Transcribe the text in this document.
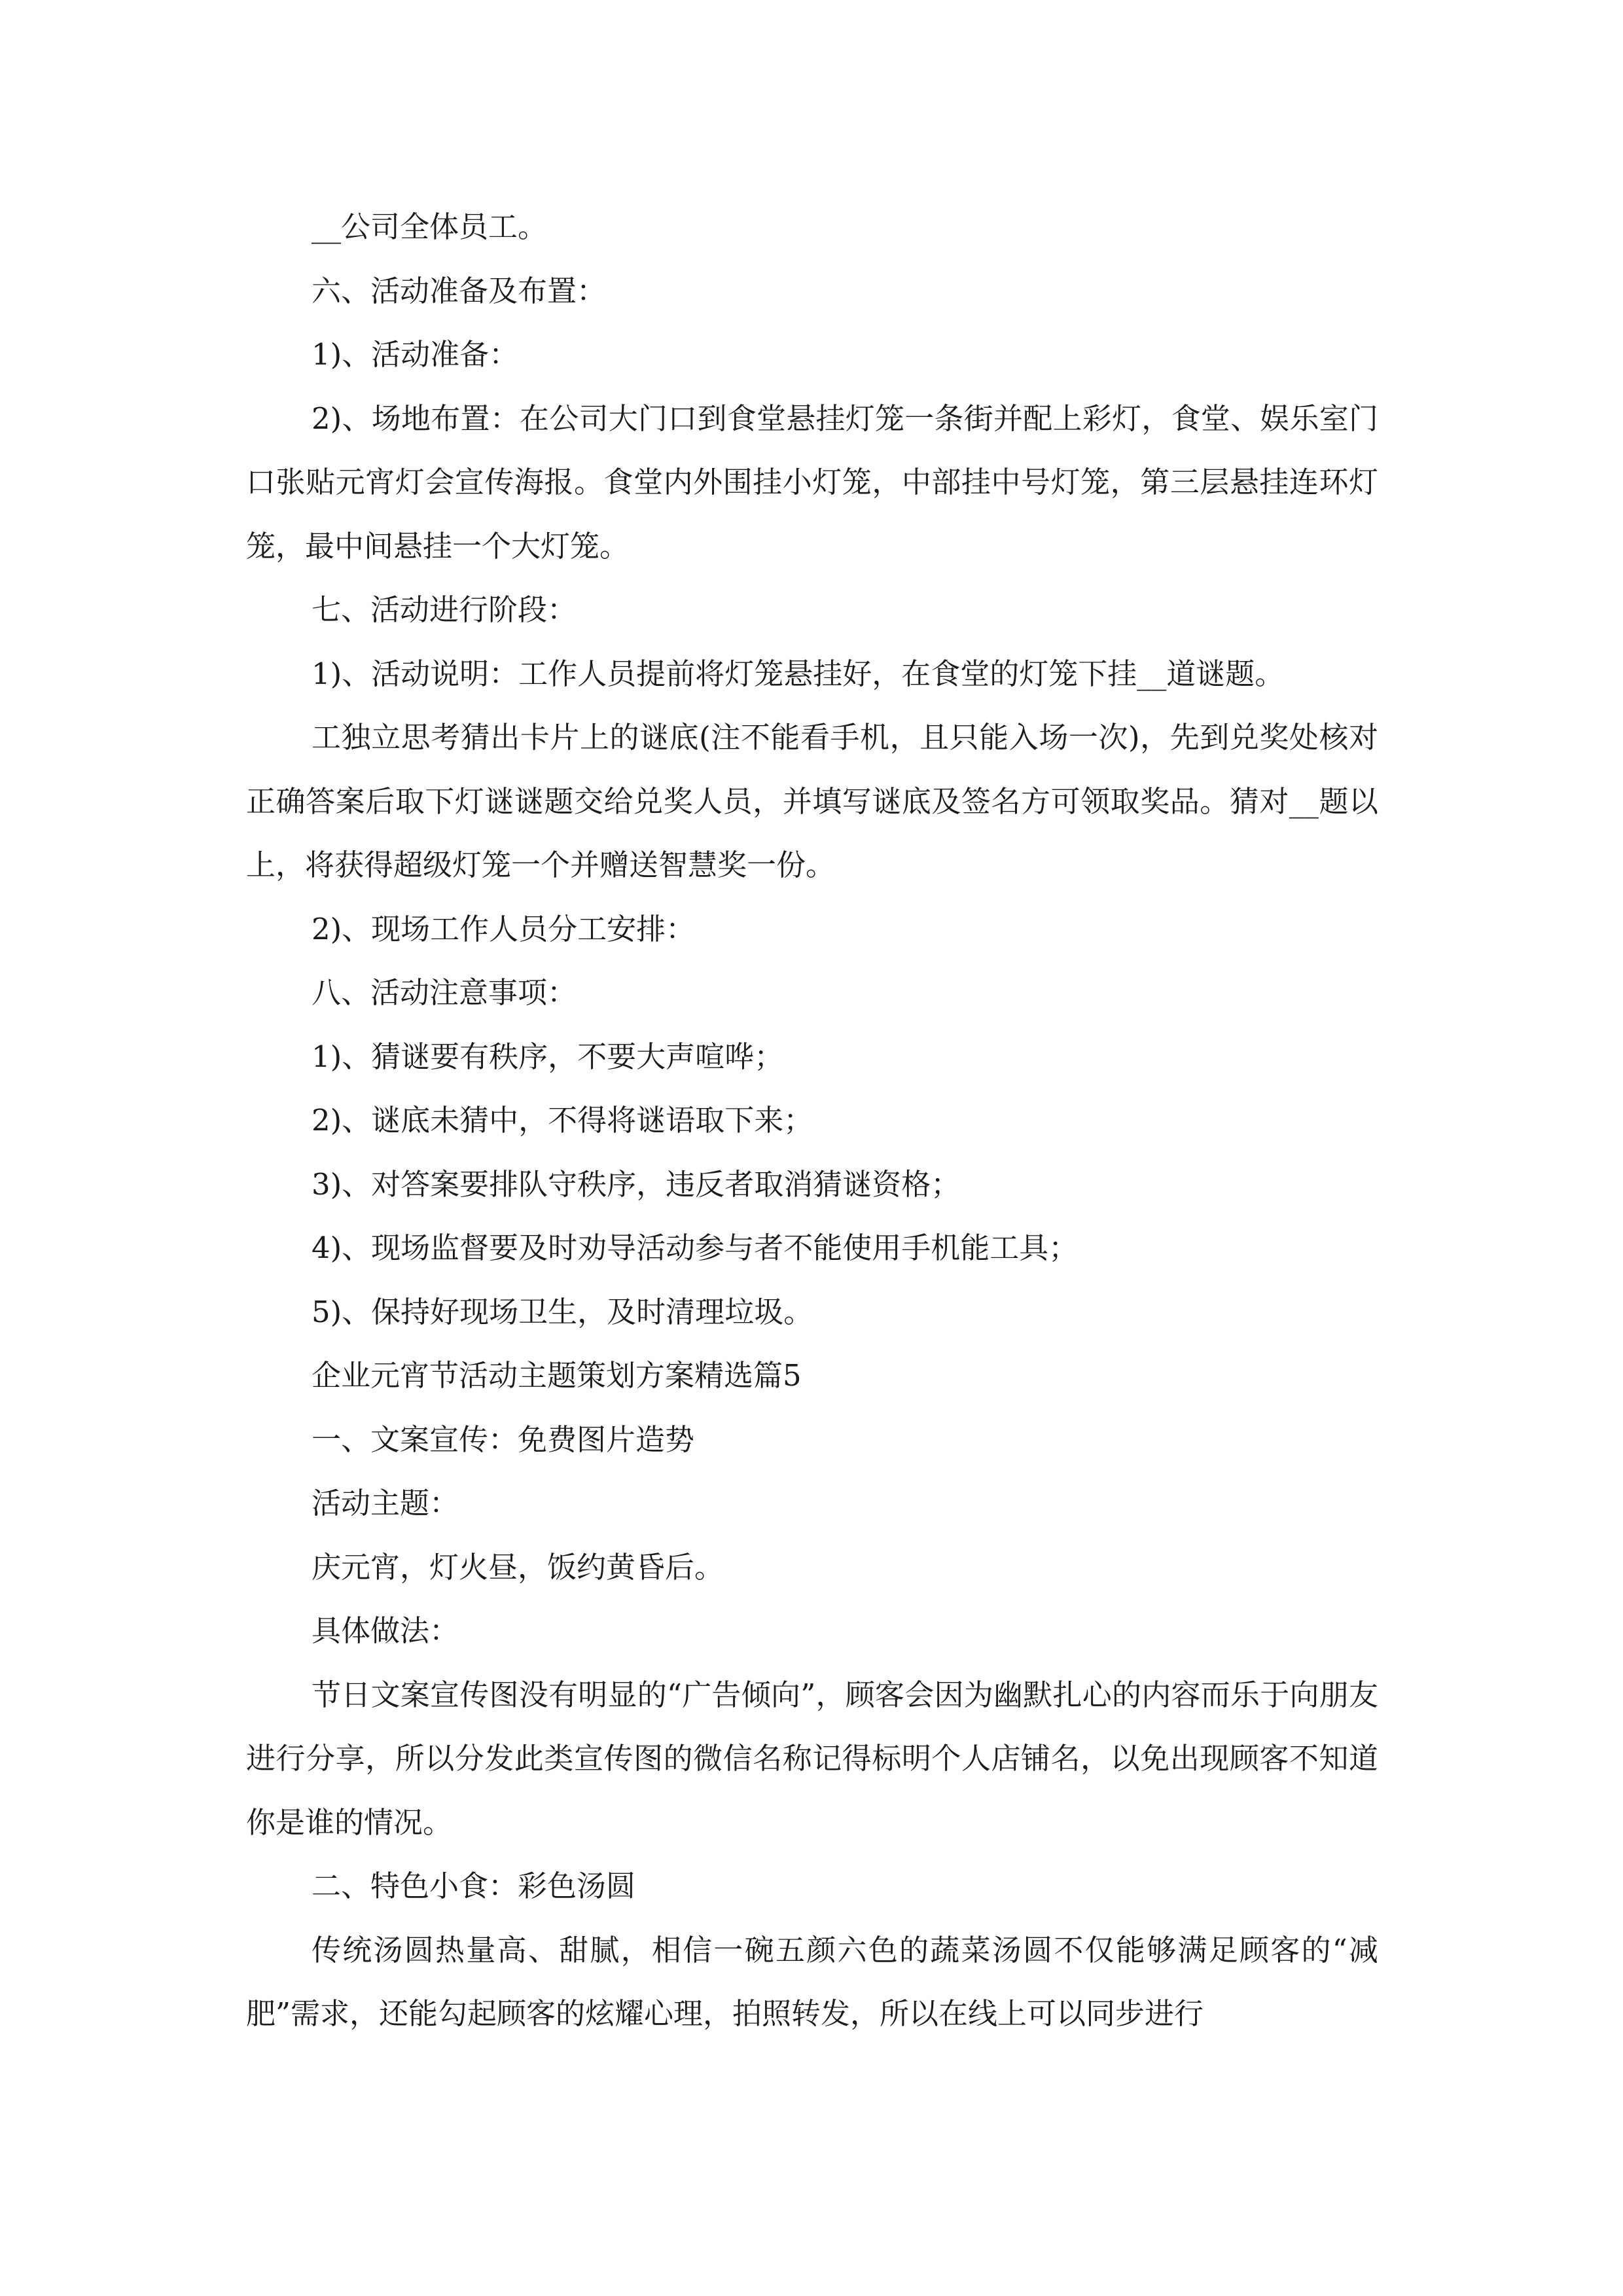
__公司全体员工。

六、活动准备及布置：

1)、活动准备：

2)、场地布置：在公司大门口到食堂悬挂灯笼一条街并配上彩灯，食堂、娱乐室门口张贴元宵灯会宣传海报。食堂内外围挂小灯笼，中部挂中号灯笼，第三层悬挂连环灯笼，最中间悬挂一个大灯笼。

七、活动进行阶段：

1)、活动说明：工作人员提前将灯笼悬挂好，在食堂的灯笼下挂__道谜题。

工独立思考猜出卡片上的谜底(注不能看手机，且只能入场一次)，先到兑奖处核对正确答案后取下灯谜谜题交给兑奖人员，并填写谜底及签名方可领取奖品。猜对__题以上，将获得超级灯笼一个并赠送智慧奖一份。

2)、现场工作人员分工安排：

八、活动注意事项：

1)、猜谜要有秩序，不要大声喧哗；

2)、谜底未猜中，不得将谜语取下来；

3)、对答案要排队守秩序，违反者取消猜谜资格；

4)、现场监督要及时劝导活动参与者不能使用手机能工具；

5)、保持好现场卫生，及时清理垃圾。

企业元宵节活动主题策划方案精选篇5

一、文案宣传：免费图片造势

活动主题：

庆元宵，灯火昼，饭约黄昏后。

具体做法：

节日文案宣传图没有明显的“广告倾向”，顾客会因为幽默扎心的内容而乐于向朋友进行分享，所以分发此类宣传图的微信名称记得标明个人店铺名，以免出现顾客不知道你是谁的情况。

二、特色小食：彩色汤圆

传统汤圆热量高、甜腻，相信一碗五颜六色的蔬菜汤圆不仅能够满足顾客的“减肥”需求，还能勾起顾客的炫耀心理，拍照转发，所以在线上可以同步进行
